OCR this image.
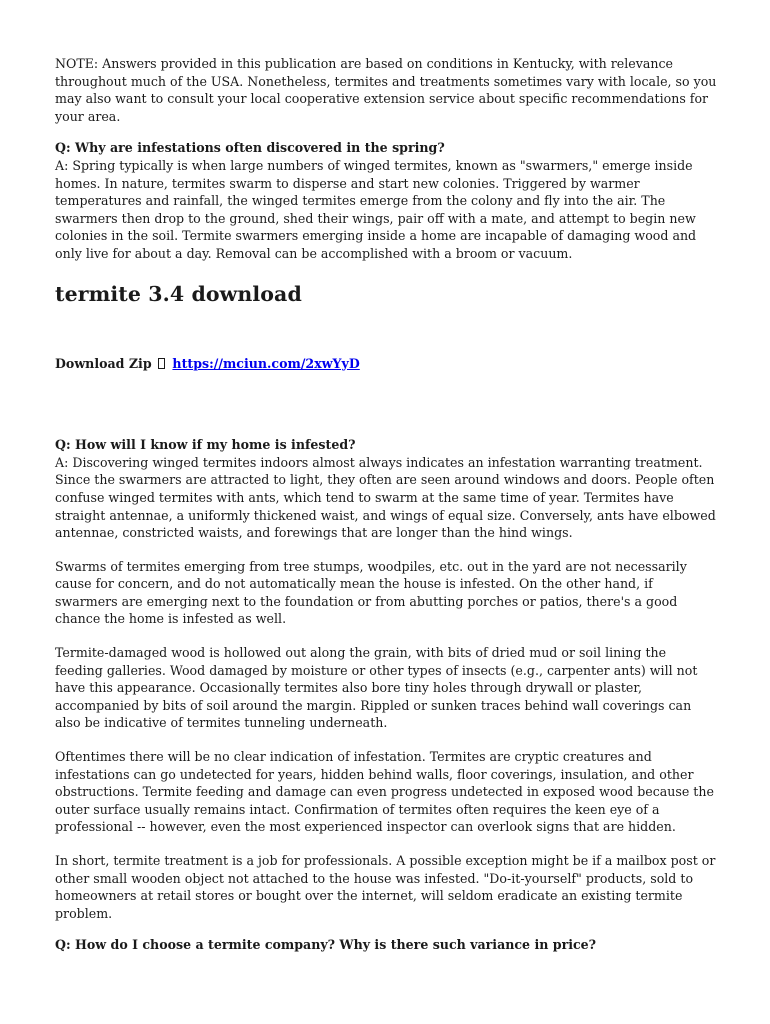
NOTE: Answers provided in this publication are based on conditions in Kentucky, with relevance throughout much of the USA. Nonetheless, termites and treatments sometimes vary with locale, so you may also want to consult your local cooperative extension service about specific recommendations for your area.

Q: Why are infestations often discovered in the spring?

A: Spring typically is when large numbers of winged termites, known as "swarmers," emerge inside homes. In nature, termites swarm to disperse and start new colonies. Triggered by warmer temperatures and rainfall, the winged termites emerge from the colony and fly into the air. The swarmers then drop to the ground, shed their wings, pair off with a mate, and attempt to begin new colonies in the soil. Termite swarmers emerging inside a home are incapable of damaging wood and only live for about a day. Removal can be accomplished with a broom or vacuum.

termite 3.4 download

Download Zip https://mciun.com/2xwYyD

Q: How will I know if my home is infested?

A: Discovering winged termites indoors almost always indicates an infestation warranting treatment. Since the swarmers are attracted to light, they often are seen around windows and doors. People often confuse winged termites with ants, which tend to swarm at the same time of year. Termites have straight antennae, a uniformly thickened waist, and wings of equal size. Conversely, ants have elbowed antennae, constricted waists, and forewings that are longer than the hind wings.

Swarms of termites emerging from tree stumps, woodpiles, etc. out in the yard are not necessarily cause for concern, and do not automatically mean the house is infested. On the other hand, if swarmers are emerging next to the foundation or from abutting porches or patios, there's a good chance the home is infested as well.

Termite-damaged wood is hollowed out along the grain, with bits of dried mud or soil lining the feeding galleries. Wood damaged by moisture or other types of insects (e.g., carpenter ants) will not have this appearance. Occasionally termites also bore tiny holes through drywall or plaster, accompanied by bits of soil around the margin. Rippled or sunken traces behind wall coverings can also be indicative of termites tunneling underneath.

Oftentimes there will be no clear indication of infestation. Termites are cryptic creatures and infestations can go undetected for years, hidden behind walls, floor coverings, insulation, and other obstructions. Termite feeding and damage can even progress undetected in exposed wood because the outer surface usually remains intact. Confirmation of termites often requires the keen eye of a professional -- however, even the most experienced inspector can overlook signs that are hidden.

In short, termite treatment is a job for professionals. A possible exception might be if a mailbox post or other small wooden object not attached to the house was infested. "Do-it-yourself" products, sold to homeowners at retail stores or bought over the internet, will seldom eradicate an existing termite problem.

Q: How do I choose a termite company? Why is there such variance in price?
